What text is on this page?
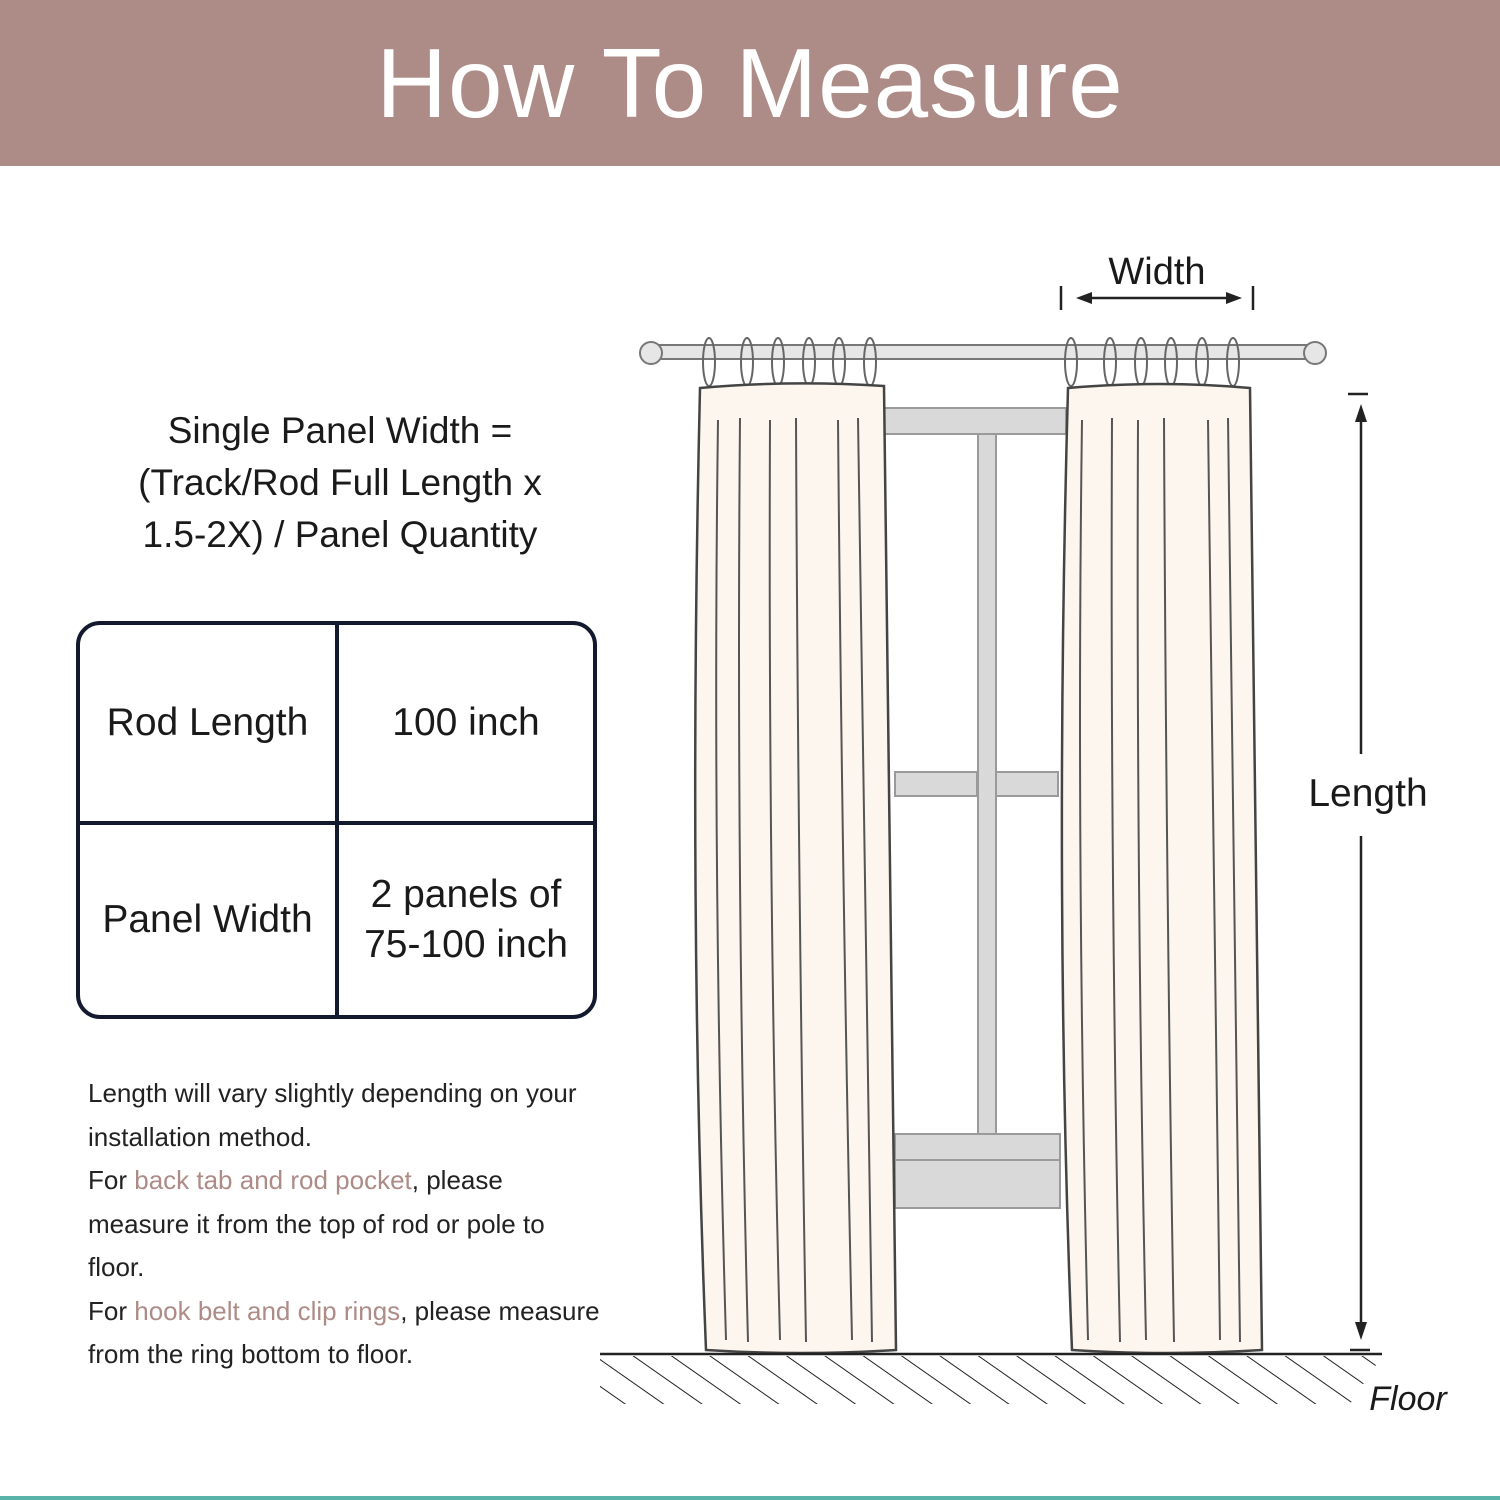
How To Measure
Single Panel Width =
(Track/Rod Full Length x
1.5-2X) / Panel Quantity
Rod Length	100 inch
Panel Width
2 panels of
75-100 inch

Length will vary slightly depending on your installation method.

For back tab and rod pocket, please measure it from the top of rod or pole to floor.

For hook belt and clip rings, please measure from the ring bottom to floor.

Floor
Width
Length
